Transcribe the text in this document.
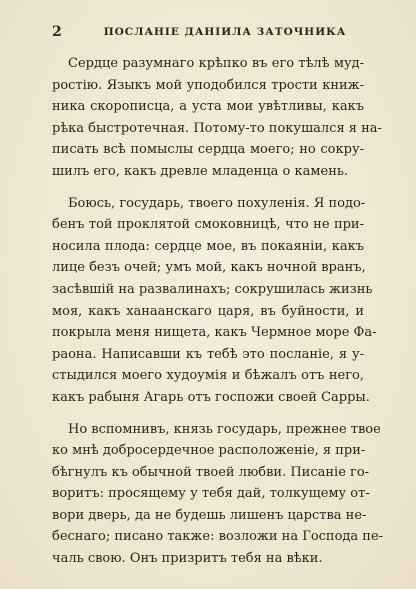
2	ПОСЛАНІЕ ДАНІИЛА ЗАТОЧНИКА
Сердце разумнаго крѣпко въ его тѣлѣ муд-
ростію. Языкъ мой уподобился трости книж-
ника скорописца, а уста мои увѣтливы, какъ
рѣка быстротечная. Потому-то покушался я на-
писать всѣ помыслы сердца моего; но сокру-
шилъ его, какъ древле младенца о камень.
Боюсь, государь, твоего похуленія. Я подо-
бенъ той проклятой смоковницѣ, что не при-
носила плода: сердце мое, въ покаяніи, какъ
лице безъ очей; умъ мой, какъ ночной вранъ,
засѣвшій на развалинахъ; сокрушилась жизнь
моя, какъ ханаанскаго царя, въ буйности, и
покрыла меня нищета, какъ Чермное море Фа-
раона. Написавши къ тебѣ это посланіе, я у-
стыдился моего худоумія и бѣжалъ отъ него,
какъ рабыня Агарь отъ госпожи своей Сарры.
Но вспомнивъ, князь государь, прежнее твое
ко мнѣ добросердечное расположеніе, я при-
бѣгнулъ къ обычной твоей любви. Писаніе го-
воритъ: просящему у тебя дай, толкущему от-
вори дверь, да не будешь лишенъ царства не-
беснаго; писано также: возложи на Господа пе-
чаль свою. Онъ призритъ тебя на вѣки.
